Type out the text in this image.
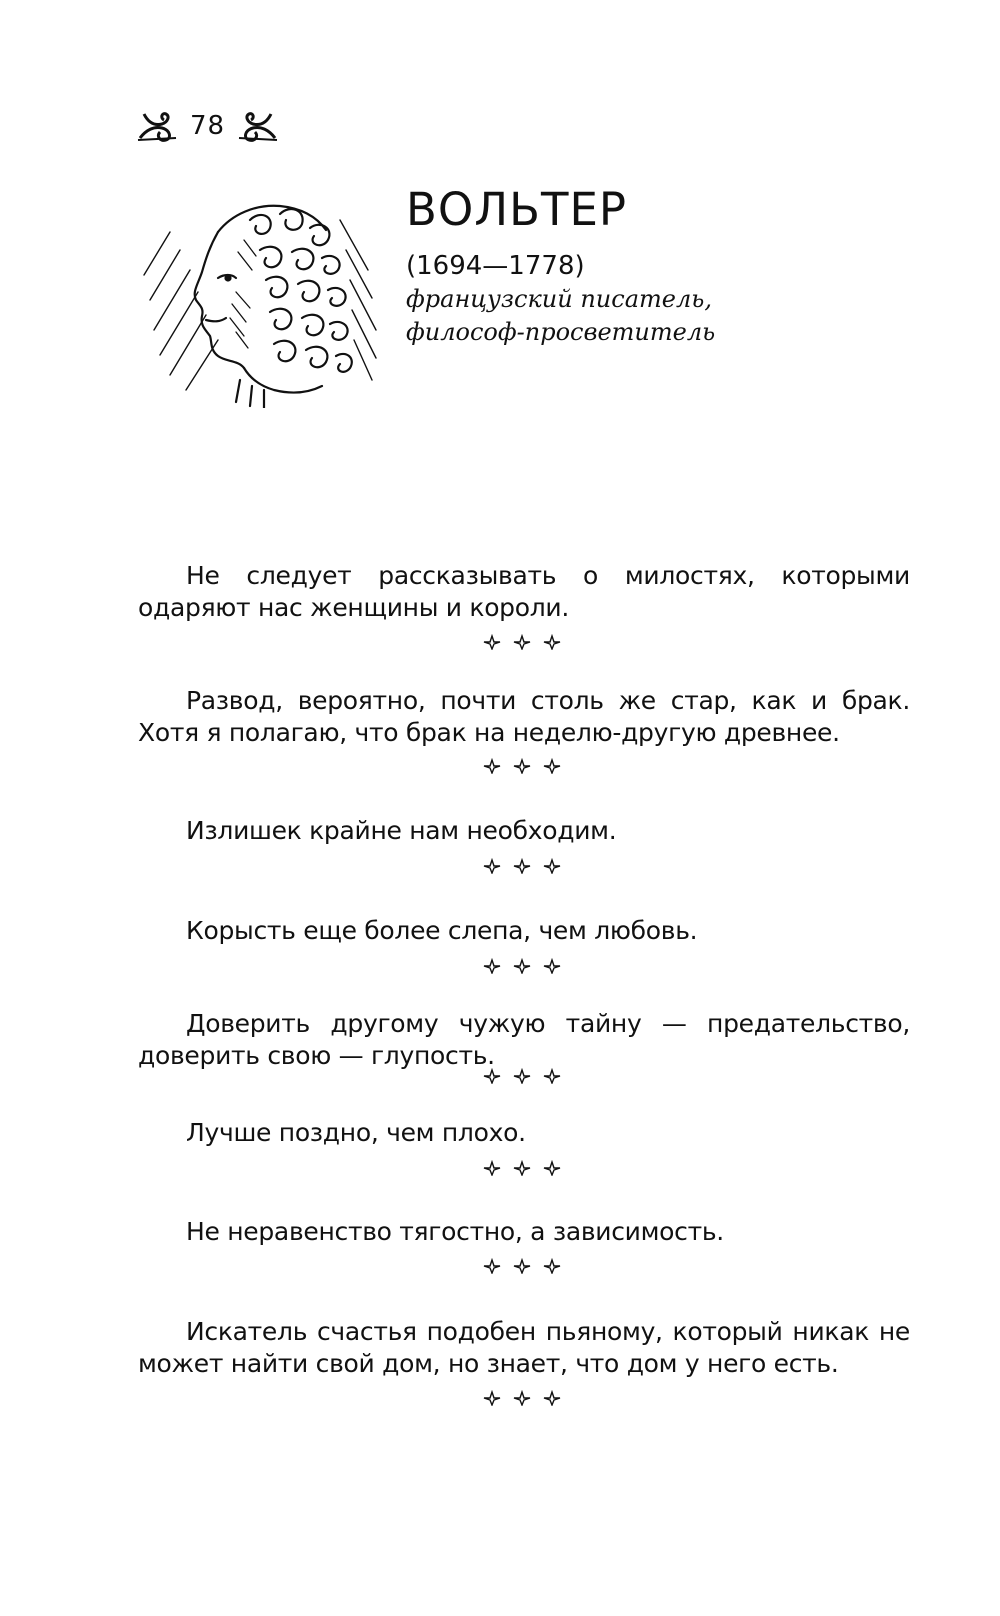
78
ВОЛЬТЕР
(1694—1778)
французский писатель,
философ-просветитель

Не следует рассказывать о милостях, которыми одаряют нас женщины и короли.

Развод, вероятно, почти столь же стар, как и брак. Хотя я полагаю, что брак на неделю-другую древнее.

Излишек крайне нам необходим.

Корысть еще более слепа, чем любовь.

Доверить другому чужую тайну — предательство, доверить свою — глупость.

Лучше поздно, чем плохо.

Не неравенство тягостно, а зависимость.

Искатель счастья подобен пьяному, который никак не может найти свой дом, но знает, что дом у него есть.
